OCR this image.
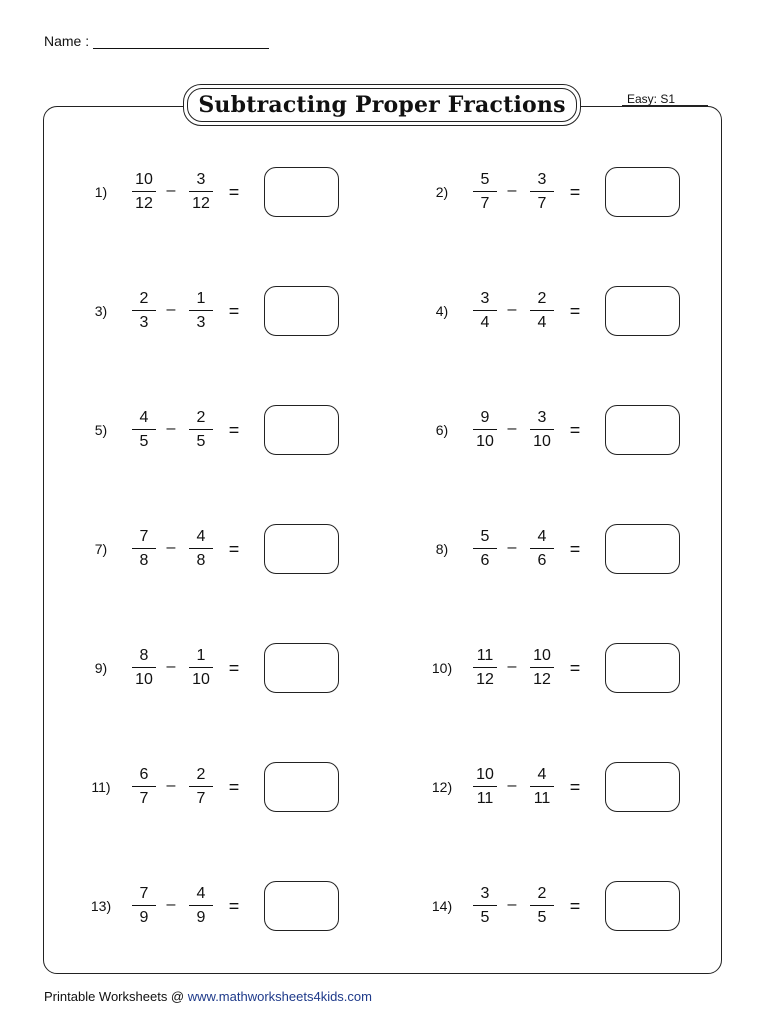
Name :
Subtracting Proper Fractions	Easy: S1
1)
10
12
–
3
12
=	2)
5
7
–
3
7
=
3)
2
3
–
1
3
=	4)
3
4
–
2
4
=
5)
4
5
–
2
5
=	6)
9
10
–
3
10
=
7)
7
8
–
4
8
=	8)
5
6
–
4
6
=
9)
8
10
–
1
10
=	10)
11
12
–
10
12
=
11)
6
7
–
2
7
=	12)
10
11
–
4
11
=
13)
7
9
–
4
9
=	14)
3
5
–
2
5
=
Printable Worksheets @ www.mathworksheets4kids.com
